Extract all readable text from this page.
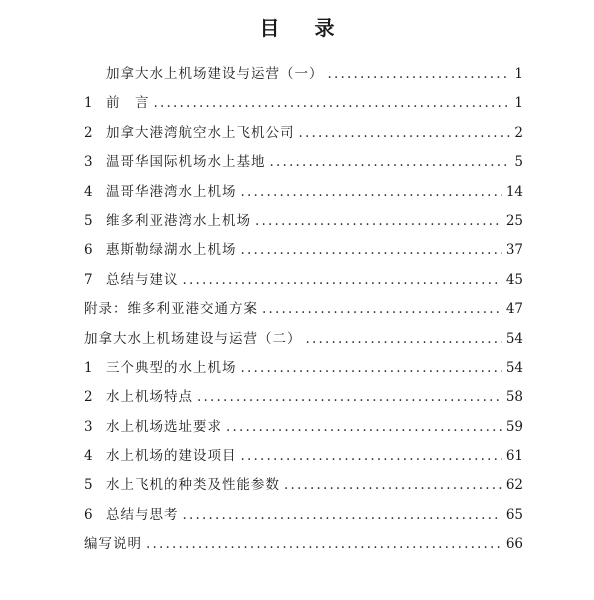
目 录
加拿大水上机场建设与运营（一） .....	1
1 前　言 .....	1
2 加拿大港湾航空水上飞机公司 .....	2
3 温哥华国际机场水上基地 .....	5
4 温哥华港湾水上机场 .....	14
5 维多利亚港湾水上机场 .....	25
6 惠斯勒绿湖水上机场 .....	37
7 总结与建议 .....	45
附录：维多利亚港交通方案 .....	47
加拿大水上机场建设与运营（二） .....	54
1 三个典型的水上机场 .....	54
2 水上机场特点 .....	58
3 水上机场选址要求 .....	59
4 水上机场的建设项目 .....	61
5 水上飞机的种类及性能参数 .....	62
6 总结与思考 .....	65
编写说明 .....	66
